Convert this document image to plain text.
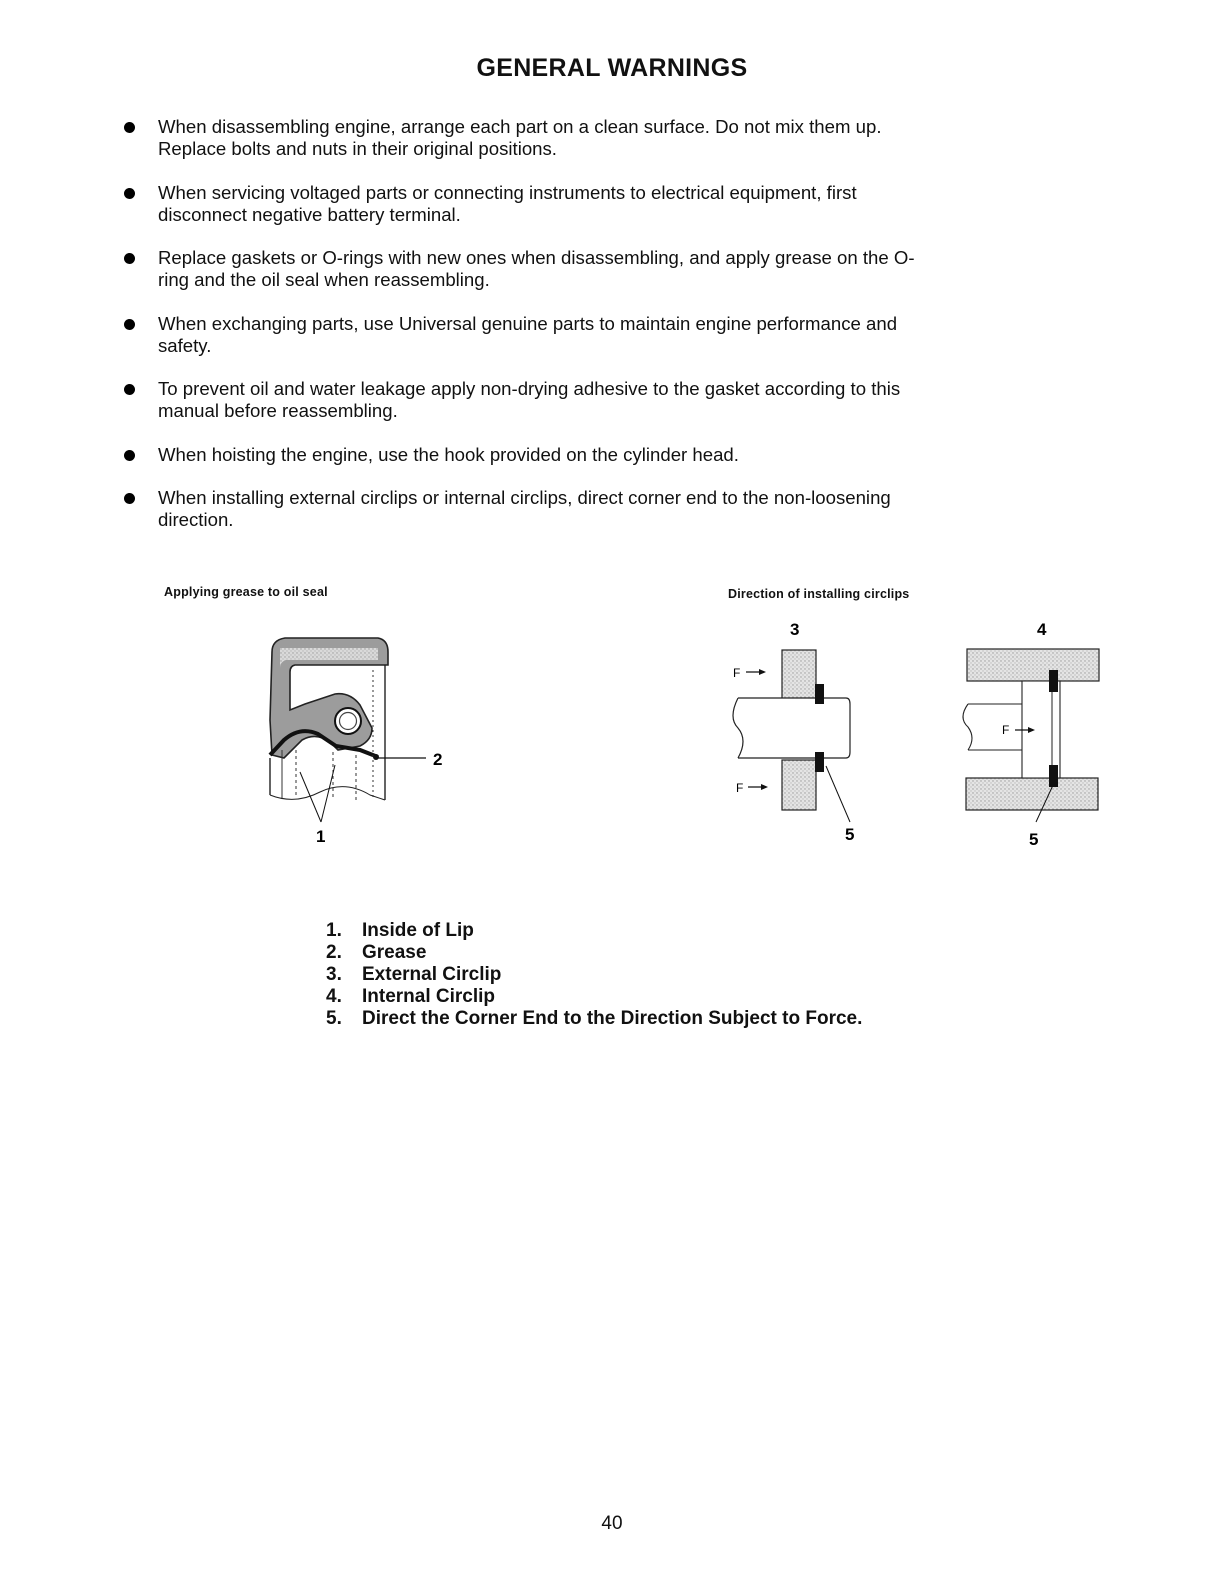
GENERAL WARNINGS
When disassembling engine, arrange each part on a clean surface. Do not mix them up.
Replace bolts and nuts in their original positions.
When servicing voltaged parts or connecting instruments to electrical equipment, first
disconnect negative battery terminal.
Replace gaskets or O-rings with new ones when disassembling, and apply grease on the O-
ring and the oil seal when reassembling.
When exchanging parts, use Universal genuine parts to maintain engine performance and
safety.
To prevent oil and water leakage apply non-drying adhesive to the gasket according to this
manual before reassembling.
When hoisting the engine, use the hook provided on the cylinder head.
When installing external circlips or internal circlips, direct corner end to the non-loosening
direction.
Applying grease to oil seal	Direction of installing circlips
2
1
3
F
F
5
4
F
5
1. Inside of Lip
2. Grease
3. External Circlip
4. Internal Circlip
5. Direct the Corner End to the Direction Subject to Force.
40
